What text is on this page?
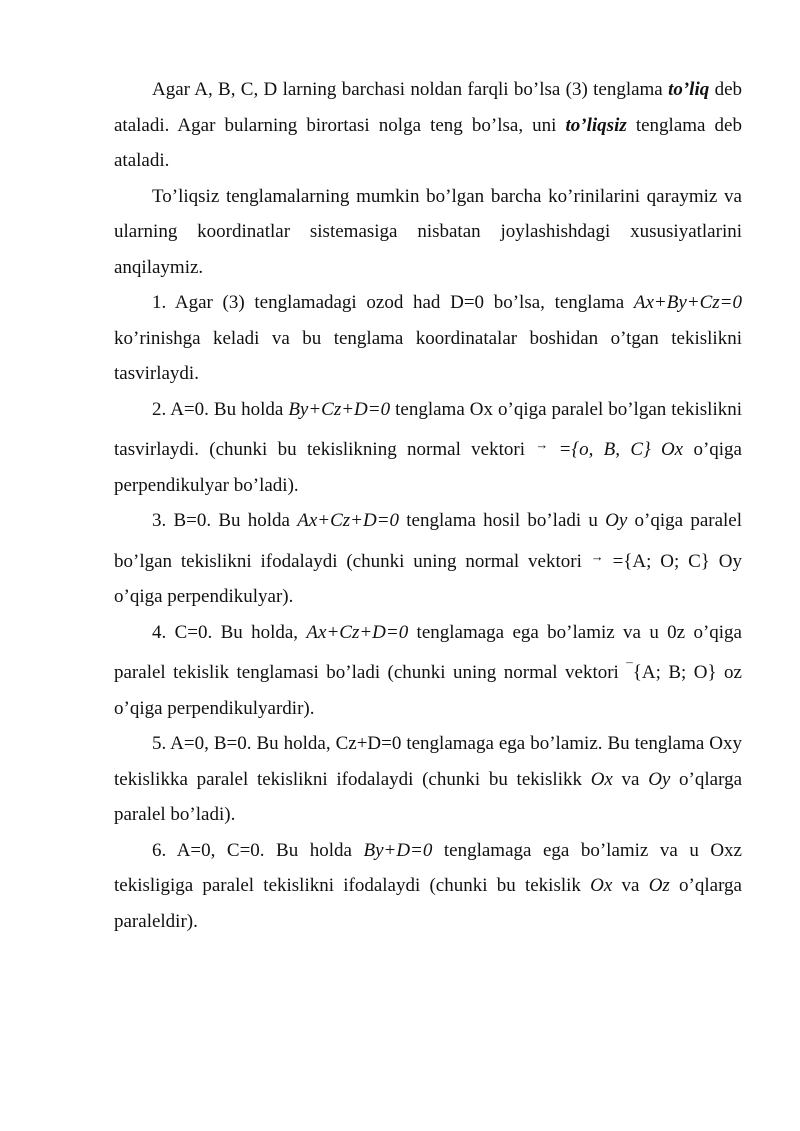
Agar A, B, C, D larning barchasi noldan farqli bo’lsa (3) tenglama to’liq deb ataladi. Agar bularning birortasi nolga teng bo’lsa, uni to’liqsiz tenglama deb ataladi.

To’liqsiz tenglamalarning mumkin bo’lgan barcha ko’rinilarini qaraymiz va ularning koordinatlar sistemasiga nisbatan joylashishdagi xususiyatlarini anqilaymiz.

1. Agar (3) tenglamadagi ozod had D=0 bo’lsa, tenglama Ax+By+Cz=0 ko’rinishga keladi va bu tenglama koordinatalar boshidan o’tgan tekislikni tasvirlaydi.

2. A=0. Bu holda By+Cz+D=0 tenglama Ox o’qiga paralel bo’lgan tekislikni tasvirlaydi. (chunki bu tekislikning normal vektori → ={o, B, C} Ox o’qiga perpendikulyar bo’ladi).

3. B=0. Bu holda Ax+Cz+D=0 tenglama hosil bo’ladi u Oy o’qiga paralel bo’lgan tekislikni ifodalaydi (chunki uning normal vektori → ={A; O; C} Oy o’qiga perpendikulyar).

4. C=0. Bu holda, Ax+Cz+D=0 tenglamaga ega bo’lamiz va u 0z o’qiga paralel tekislik tenglamasi bo’ladi (chunki uning normal vektori ¯{A; B; O} oz o’qiga perpendikulyardir).

5. A=0, B=0. Bu holda, Cz+D=0 tenglamaga ega bo’lamiz. Bu tenglama Oxy tekislikka paralel tekislikni ifodalaydi (chunki bu tekislikk Ox va Oy o’qlarga paralel bo’ladi).

6. A=0, C=0. Bu holda By+D=0 tenglamaga ega bo’lamiz va u Oxz tekisligiga paralel tekislikni ifodalaydi (chunki bu tekislik Ox va Oz o’qlarga paraleldir).
